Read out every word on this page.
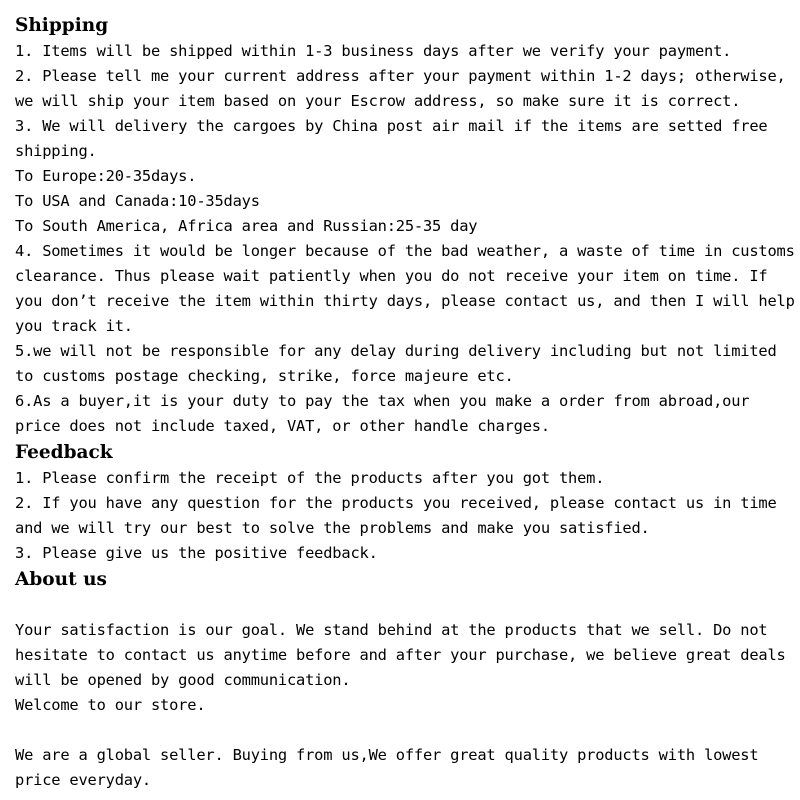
Shipping
1. Items will be shipped within 1-3 business days after we verify your payment.
2. Please tell me your current address after your payment within 1-2 days; otherwise,
we will ship your item based on your Escrow address, so make sure it is correct.
3. We will delivery the cargoes by China post air mail if the items are setted free
shipping.
To Europe:20-35days.
To USA and Canada:10-35days
To South America, Africa area and Russian:25-35 day
4. Sometimes it would be longer because of the bad weather, a waste of time in customs
clearance. Thus please wait patiently when you do not receive your item on time. If
you don’t receive the item within thirty days, please contact us, and then I will help
you track it.
5.we will not be responsible for any delay during delivery including but not limited
to customs postage checking, strike, force majeure etc.
6.As a buyer,it is your duty to pay the tax when you make a order from abroad,our
price does not include taxed, VAT, or other handle charges.
Feedback
1. Please confirm the receipt of the products after you got them.
2. If you have any question for the products you received, please contact us in time
and we will try our best to solve the problems and make you satisfied.
3. Please give us the positive feedback.
About us
Your satisfaction is our goal. We stand behind at the products that we sell. Do not
hesitate to contact us anytime before and after your purchase, we believe great deals
will be opened by good communication.
Welcome to our store.
We are a global seller. Buying from us,We offer great quality products with lowest
price everyday.
